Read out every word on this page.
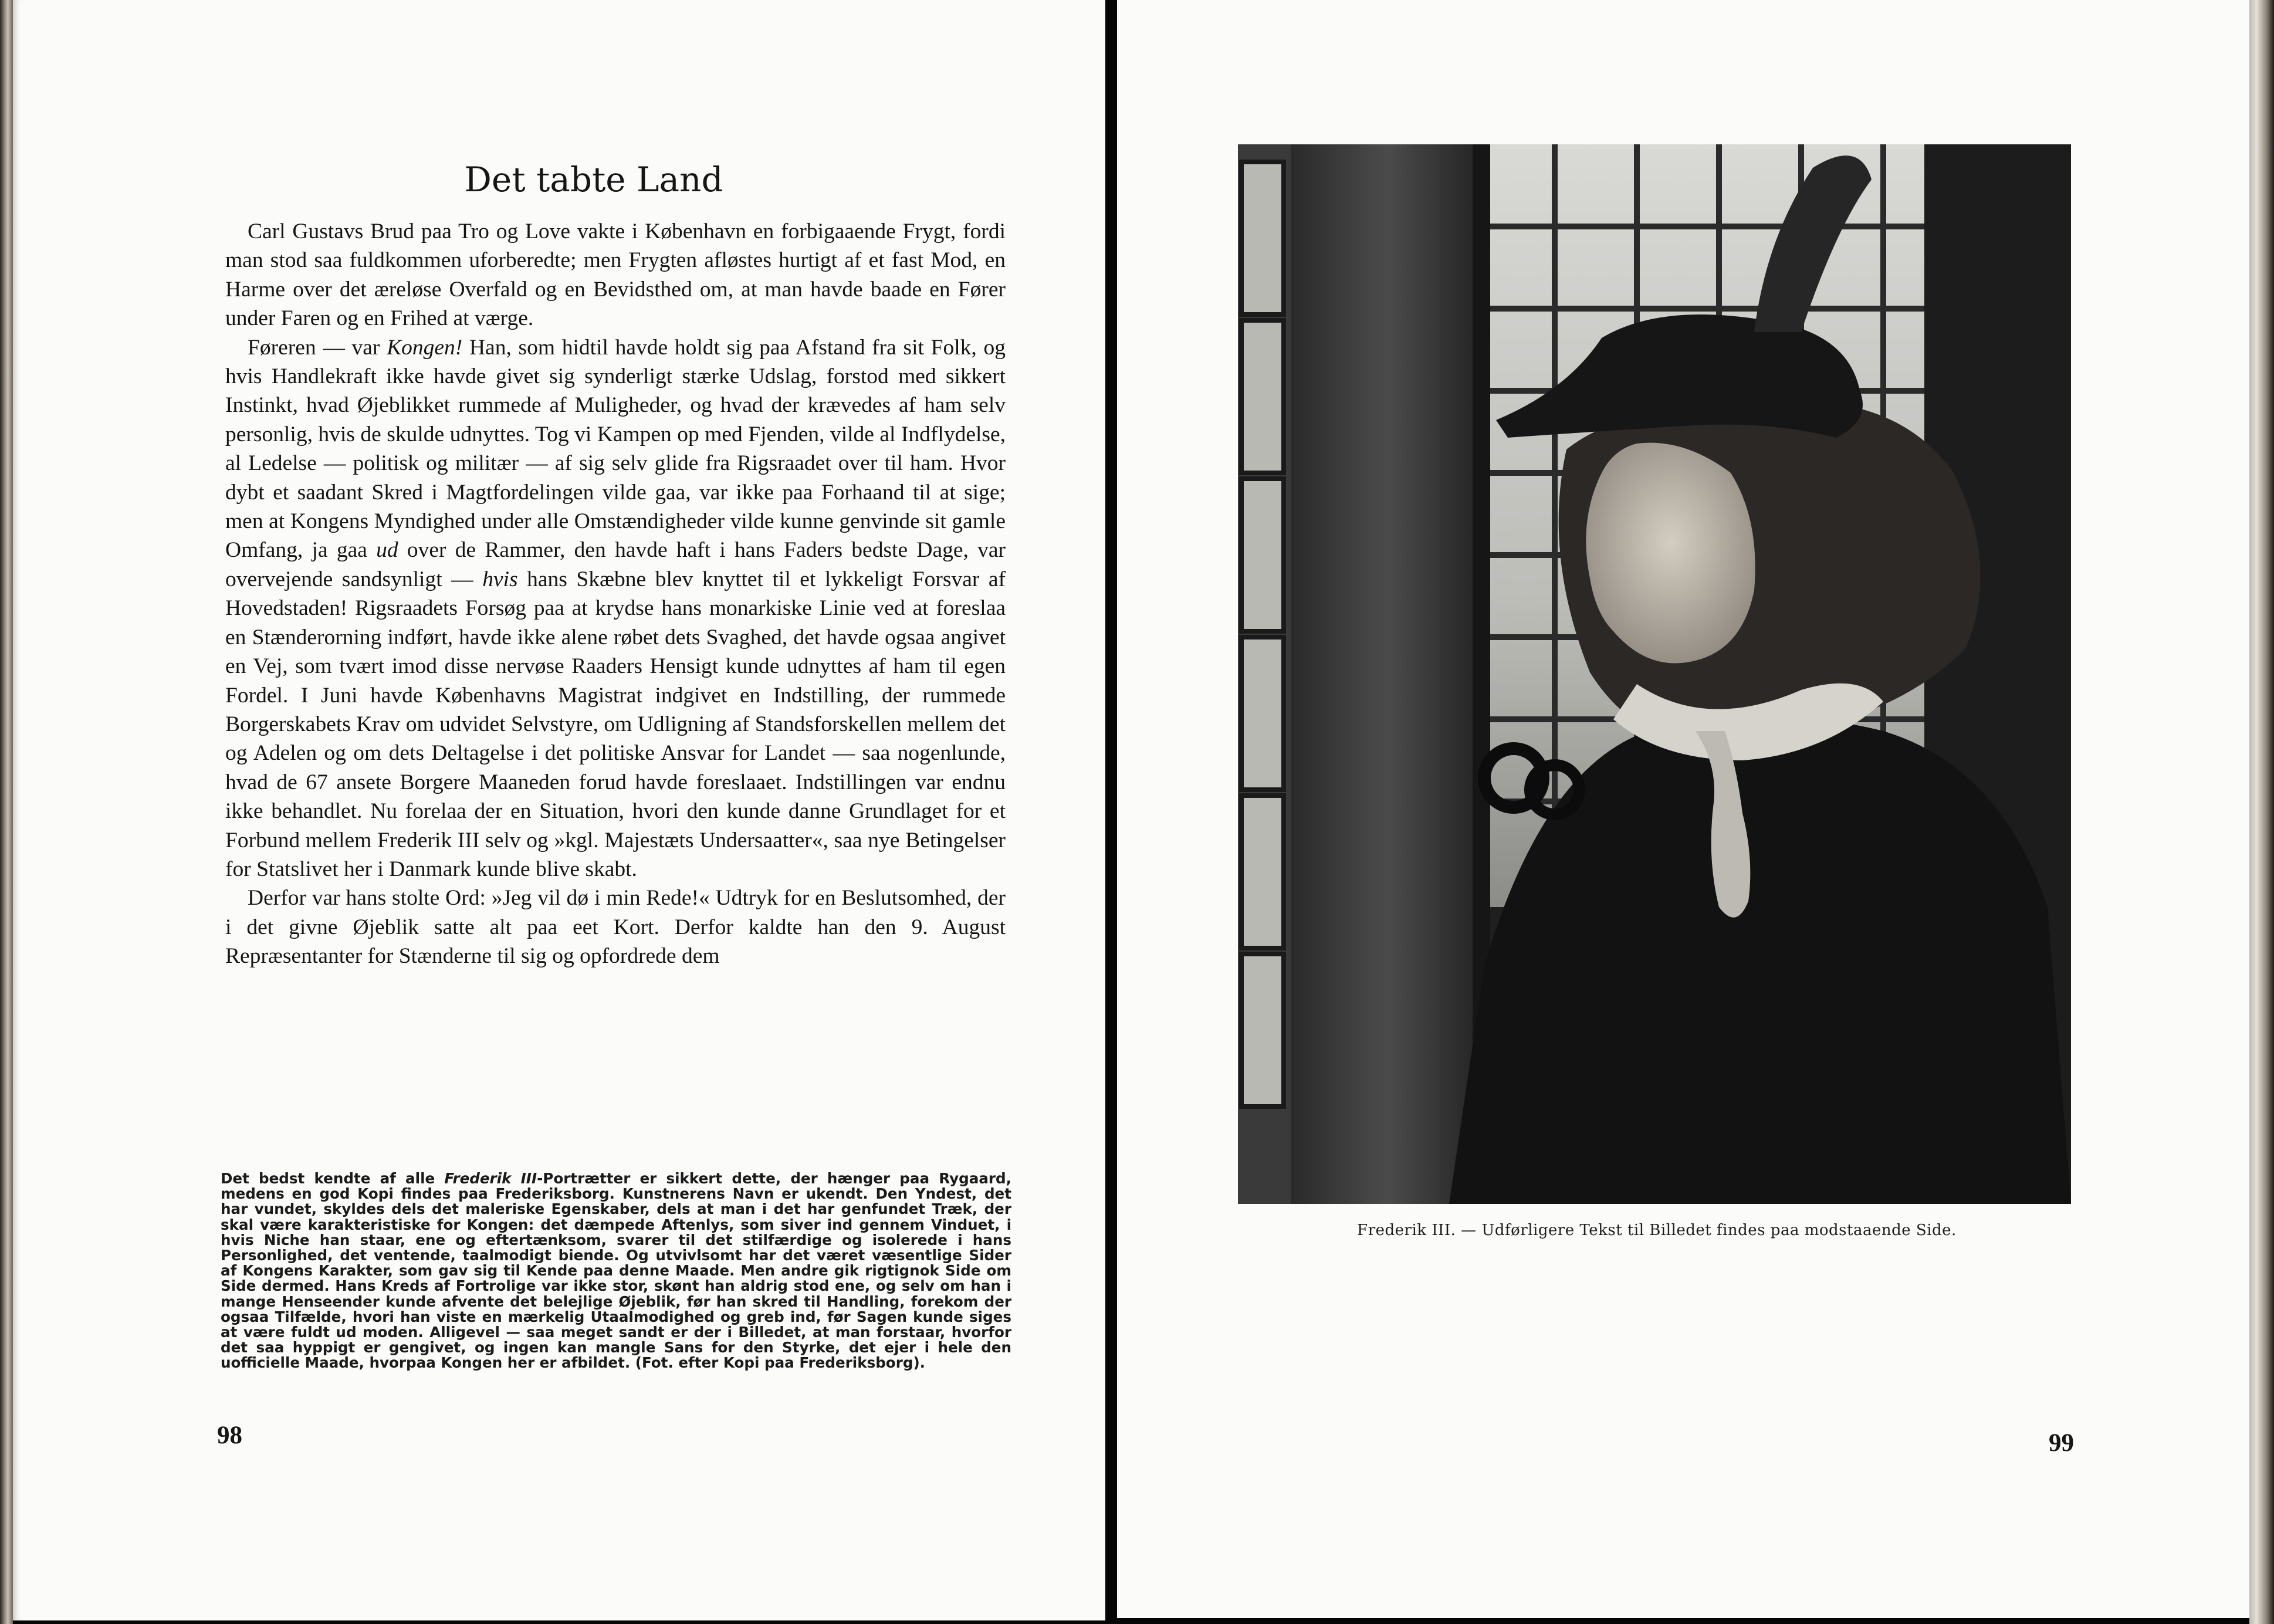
Det tabte Land

Carl Gustavs Brud paa Tro og Love vakte i København en forbigaaende Frygt, fordi man stod saa fuldkommen uforberedte; men Frygten afløstes hurtigt af et fast Mod, en Harme over det æreløse Overfald og en Bevidsthed om, at man havde baade en Fører under Faren og en Frihed at værge.

Føreren — var Kongen! Han, som hidtil havde holdt sig paa Afstand fra sit Folk, og hvis Handlekraft ikke havde givet sig synderligt stærke Udslag, forstod med sikkert Instinkt, hvad Øjeblikket rummede af Muligheder, og hvad der krævedes af ham selv personlig, hvis de skulde udnyttes. Tog vi Kampen op med Fjenden, vilde al Indflydelse, al Ledelse — politisk og militær — af sig selv glide fra Rigsraadet over til ham. Hvor dybt et saadant Skred i Magtfordelingen vilde gaa, var ikke paa Forhaand til at sige; men at Kongens Myndighed under alle Omstændigheder vilde kunne genvinde sit gamle Omfang, ja gaa ud over de Rammer, den havde haft i hans Faders bedste Dage, var overvejende sandsynligt — hvis hans Skæbne blev knyttet til et lykkeligt Forsvar af Hovedstaden! Rigsraadets Forsøg paa at krydse hans monarkiske Linie ved at foreslaa en Stænderorning indført, havde ikke alene røbet dets Svaghed, det havde ogsaa angivet en Vej, som tvært imod disse nervøse Raaders Hensigt kunde udnyttes af ham til egen Fordel. I Juni havde Københavns Magistrat indgivet en Indstilling, der rummede Borgerskabets Krav om udvidet Selvstyre, om Udligning af Standsforskellen mellem det og Adelen og om dets Deltagelse i det politiske Ansvar for Landet — saa nogenlunde, hvad de 67 ansete Borgere Maaneden forud havde foreslaaet. Indstillingen var endnu ikke behandlet. Nu forelaa der en Situation, hvori den kunde danne Grundlaget for et Forbund mellem Frederik III selv og »kgl. Majestæts Undersaatter«, saa nye Betingelser for Statslivet her i Danmark kunde blive skabt.

Derfor var hans stolte Ord: »Jeg vil dø i min Rede!« Udtryk for en Beslutsomhed, der i det givne Øjeblik satte alt paa eet Kort. Derfor kaldte han den 9. August Repræsentanter for Stænderne til sig og opfordrede dem

Det bedst kendte af alle Frederik III-Portrætter er sikkert dette, der hænger paa Rygaard, medens en god Kopi findes paa Frederiksborg. Kunstnerens Navn er ukendt. Den Yndest, det har vundet, skyldes dels det maleriske Egenskaber, dels at man i det har genfundet Træk, der skal være karakteristiske for Kongen: det dæmpede Aftenlys, som siver ind gennem Vinduet, i hvis Niche han staar, ene og eftertænksom, svarer til det stilfærdige og isolerede i hans Personlighed, det ventende, taalmodigt biende. Og utvivlsomt har det været væsentlige Sider af Kongens Karakter, som gav sig til Kende paa denne Maade. Men andre gik rigtignok Side om Side dermed. Hans Kreds af Fortrolige var ikke stor, skønt han aldrig stod ene, og selv om han i mange Henseender kunde afvente det belejlige Øjeblik, før han skred til Handling, forekom der ogsaa Tilfælde, hvori han viste en mærkelig Utaalmodighed og greb ind, før Sagen kunde siges at være fuldt ud moden. Alligevel — saa meget sandt er der i Billedet, at man forstaar, hvorfor det saa hyppigt er gengivet, og ingen kan mangle Sans for den Styrke, det ejer i hele den uofficielle Maade, hvorpaa Kongen her er afbildet. (Fot. efter Kopi paa Frederiksborg).

98

Frederik III. — Udførligere Tekst til Billedet findes paa modstaaende Side.

99
